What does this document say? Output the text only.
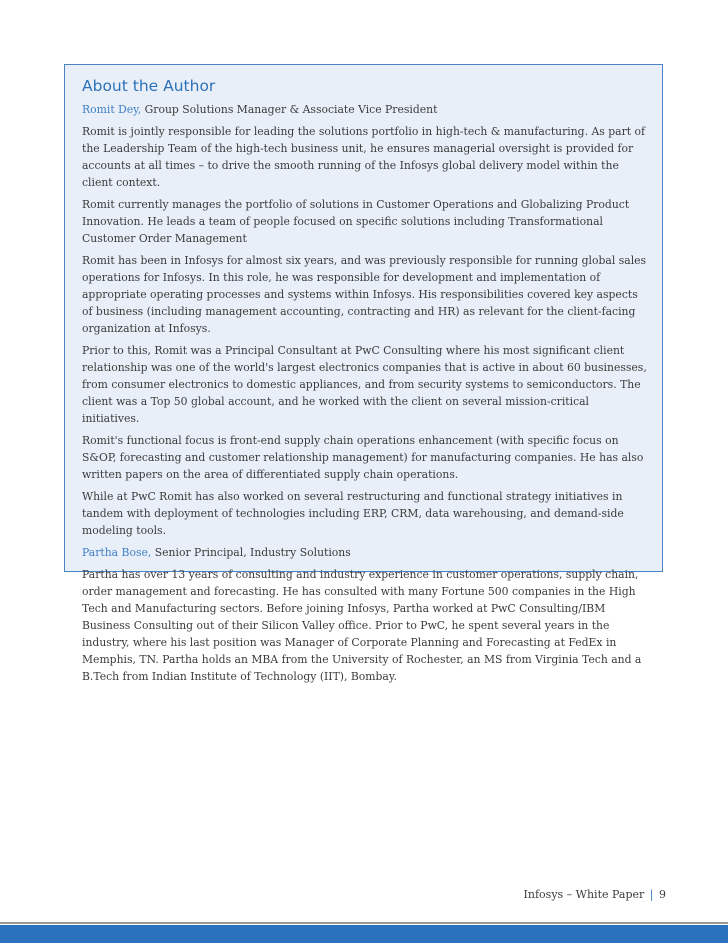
About the Author
Romit Dey, Group Solutions Manager & Associate Vice President

Romit is jointly responsible for leading the solutions portfolio in high-tech & manufacturing. As part of the Leadership Team of the high-tech business unit, he ensures managerial oversight is provided for accounts at all times – to drive the smooth running of the Infosys global delivery model within the client context.

Romit currently manages the portfolio of solutions in Customer Operations and Globalizing Product Innovation. He leads a team of people focused on specific solutions including Transformational Customer Order Management

Romit has been in Infosys for almost six years, and was previously responsible for running global sales operations for Infosys. In this role, he was responsible for development and implementation of appropriate operating processes and systems within Infosys. His responsibilities covered key aspects of business (including management accounting, contracting and HR) as relevant for the client-facing organization at Infosys.

Prior to this, Romit was a Principal Consultant at PwC Consulting where his most significant client relationship was one of the world's largest electronics companies that is active in about 60 businesses, from consumer electronics to domestic appliances, and from security systems to semiconductors. The client was a Top 50 global account, and he worked with the client on several mission-critical initiatives.

Romit's functional focus is front-end supply chain operations enhancement (with specific focus on S&OP, forecasting and customer relationship management) for manufacturing companies. He has also written papers on the area of differentiated supply chain operations.

While at PwC Romit has also worked on several restructuring and functional strategy initiatives in tandem with deployment of technologies including ERP, CRM, data warehousing, and demand-side modeling tools.

Partha Bose, Senior Principal, Industry Solutions

Partha has over 13 years of consulting and industry experience in customer operations, supply chain, order management and forecasting. He has consulted with many Fortune 500 companies in the High Tech and Manufacturing sectors. Before joining Infosys, Partha worked at PwC Consulting/IBM Business Consulting out of their Silicon Valley office. Prior to PwC, he spent several years in the industry, where his last position was Manager of Corporate Planning and Forecasting at FedEx in Memphis, TN. Partha holds an MBA from the University of Rochester, an MS from Virginia Tech and a B.Tech from Indian Institute of Technology (IIT), Bombay.

Infosys – White Paper | 9
